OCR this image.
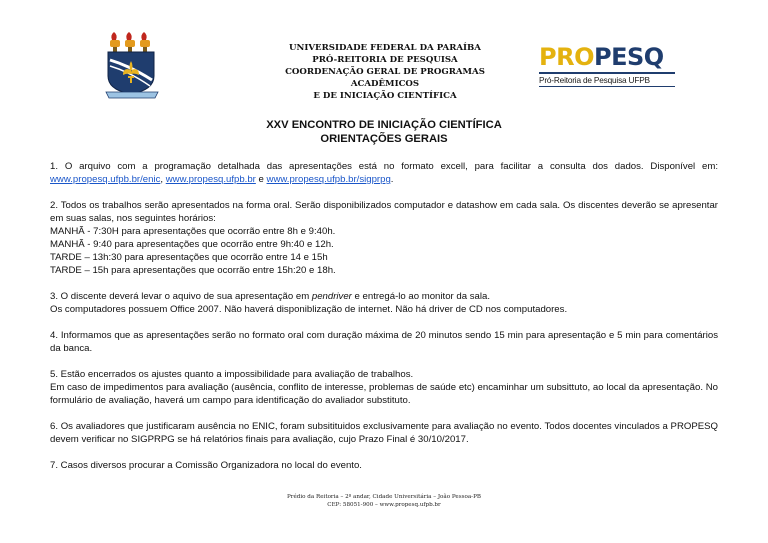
UNIVERSIDADE FEDERAL DA PARAÍBA
PRÓ-REITORIA DE PESQUISA
COORDENAÇÃO GERAL DE PROGRAMAS ACADÊMICOS
E DE INICIAÇÃO CIENTÍFICA
PROPESQ
Pró-Reitoria de Pesquisa UFPB
XXV ENCONTRO DE INICIAÇÃO CIENTÍFICA
ORIENTAÇÕES GERAIS

1. O arquivo com a programação detalhada das apresentações está no formato excell, para facilitar a consulta dos dados. Disponível em: www.propesq.ufpb.br/enic, www.propesq.ufpb.br e www.propesq.ufpb.br/sigprpg.

2. Todos os trabalhos serão apresentados na forma oral. Serão disponibilizados computador e datashow em cada sala. Os discentes deverão se apresentar em suas salas, nos seguintes horários:
MANHÃ - 7:30H para apresentações que ocorrão entre 8h e 9:40h.
MANHÃ - 9:40 para apresentações que ocorrão entre 9h:40 e 12h.
TARDE – 13h:30 para apresentações que ocorrão entre 14 e 15h
TARDE – 15h para apresentações que ocorrão entre 15h:20 e 18h.

3. O discente deverá levar o aquivo de sua apresentação em pendriver e entregá-lo ao monitor da sala.
Os computadores possuem Office 2007. Não haverá disponiblização de internet. Não há driver de CD nos computadores.

4. Informamos que as apresentações serão no formato oral com duração máxima de 20 minutos sendo 15 min para apresentação e 5 min para comentários da banca.

5. Estão encerrados os ajustes quanto a impossibilidade para avaliação de trabalhos.
Em caso de impedimentos para avaliação (ausência, conflito de interesse, problemas de saúde etc) encaminhar um subsittuto, ao local da apresentação. No formulário de avaliação, haverá um campo para identificação do avaliador substituto.

6. Os avaliadores que justificaram ausência no ENIC, foram subsitituidos exclusivamente para avaliação no evento. Todos docentes vinculados a PROPESQ devem verificar no SIGPRPG se há relatórios finais para avaliação, cujo Prazo Final é 30/10/2017.

7. Casos diversos procurar a Comissão Organizadora no local do evento.

Prédio da Reitoria – 2º andar, Cidade Universitária – João Pessoa-PB
CEP: 58051-900 – www.propesq.ufpb.br
